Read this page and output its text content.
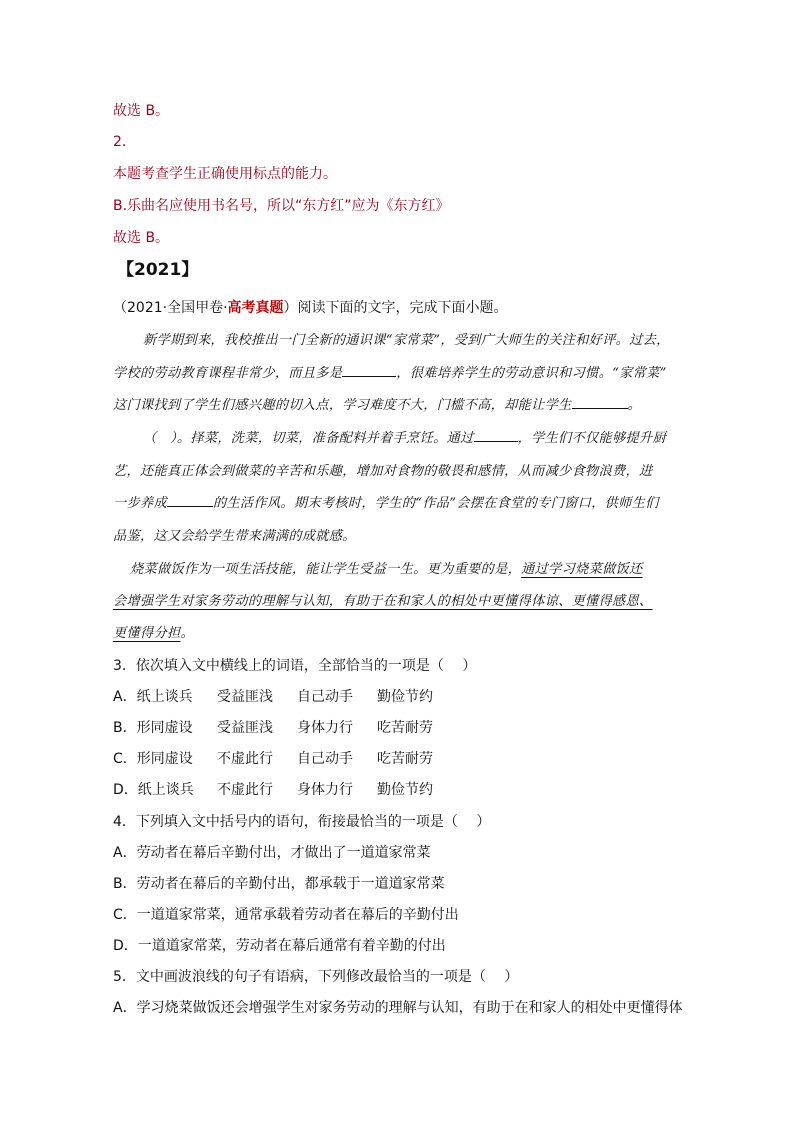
故选 B。
2．
本题考查学生正确使用标点的能力。
B.乐曲名应使用书名号，所以“东方红”应为《东方红》
故选 B。
【2021】
（2021·全国甲卷·高考真题）阅读下面的文字，完成下面小题。
新学期到来，我校推出一门全新的通识课“家常菜”，受到广大师生的关注和好评。过去，
学校的劳动教育课程非常少，而且多是	，很难培养学生的劳动意识和习惯。“家常菜”
这门课找到了学生们感兴趣的切入点，学习难度不大，门槛不高，却能让学生	。
（　）。择菜，洗菜，切菜，准备配料并着手烹饪。通过	，学生们不仅能够提升厨
艺，还能真正体会到做菜的辛苦和乐趣，增加对食物的敬畏和感情，从而减少食物浪费，进
一步养成	的生活作风。期末考核时，学生的“作品”会摆在食堂的专门窗口，供师生们
品鉴，这又会给学生带来满满的成就感。
烧菜做饭作为一项生活技能，能让学生受益一生。更为重要的是，通过学习烧菜做饭还
会增强学生对家务劳动的理解与认知，有助于在和家人的相处中更懂得体谅、更懂得感恩、
更懂得分担。
3．依次填入文中横线上的词语，全部恰当的一项是（　 ）
A．纸上谈兵 受益匪浅 自己动手 勤俭节约
B．形同虚设 受益匪浅 身体力行 吃苦耐劳
C．形同虚设 不虚此行 自己动手 吃苦耐劳
D．纸上谈兵 不虚此行 身体力行 勤俭节约
4．下列填入文中括号内的语句，衔接最恰当的一项是（　 ）
A．劳动者在幕后辛勤付出，才做出了一道道家常菜
B．劳动者在幕后的辛勤付出，都承载于一道道家常菜
C．一道道家常菜，通常承载着劳动者在幕后的辛勤付出
D．一道道家常菜，劳动者在幕后通常有着辛勤的付出
5．文中画波浪线的句子有语病，下列修改最恰当的一项是（　 ）
A．学习烧菜做饭还会增强学生对家务劳动的理解与认知，有助于在和家人的相处中更懂得体
